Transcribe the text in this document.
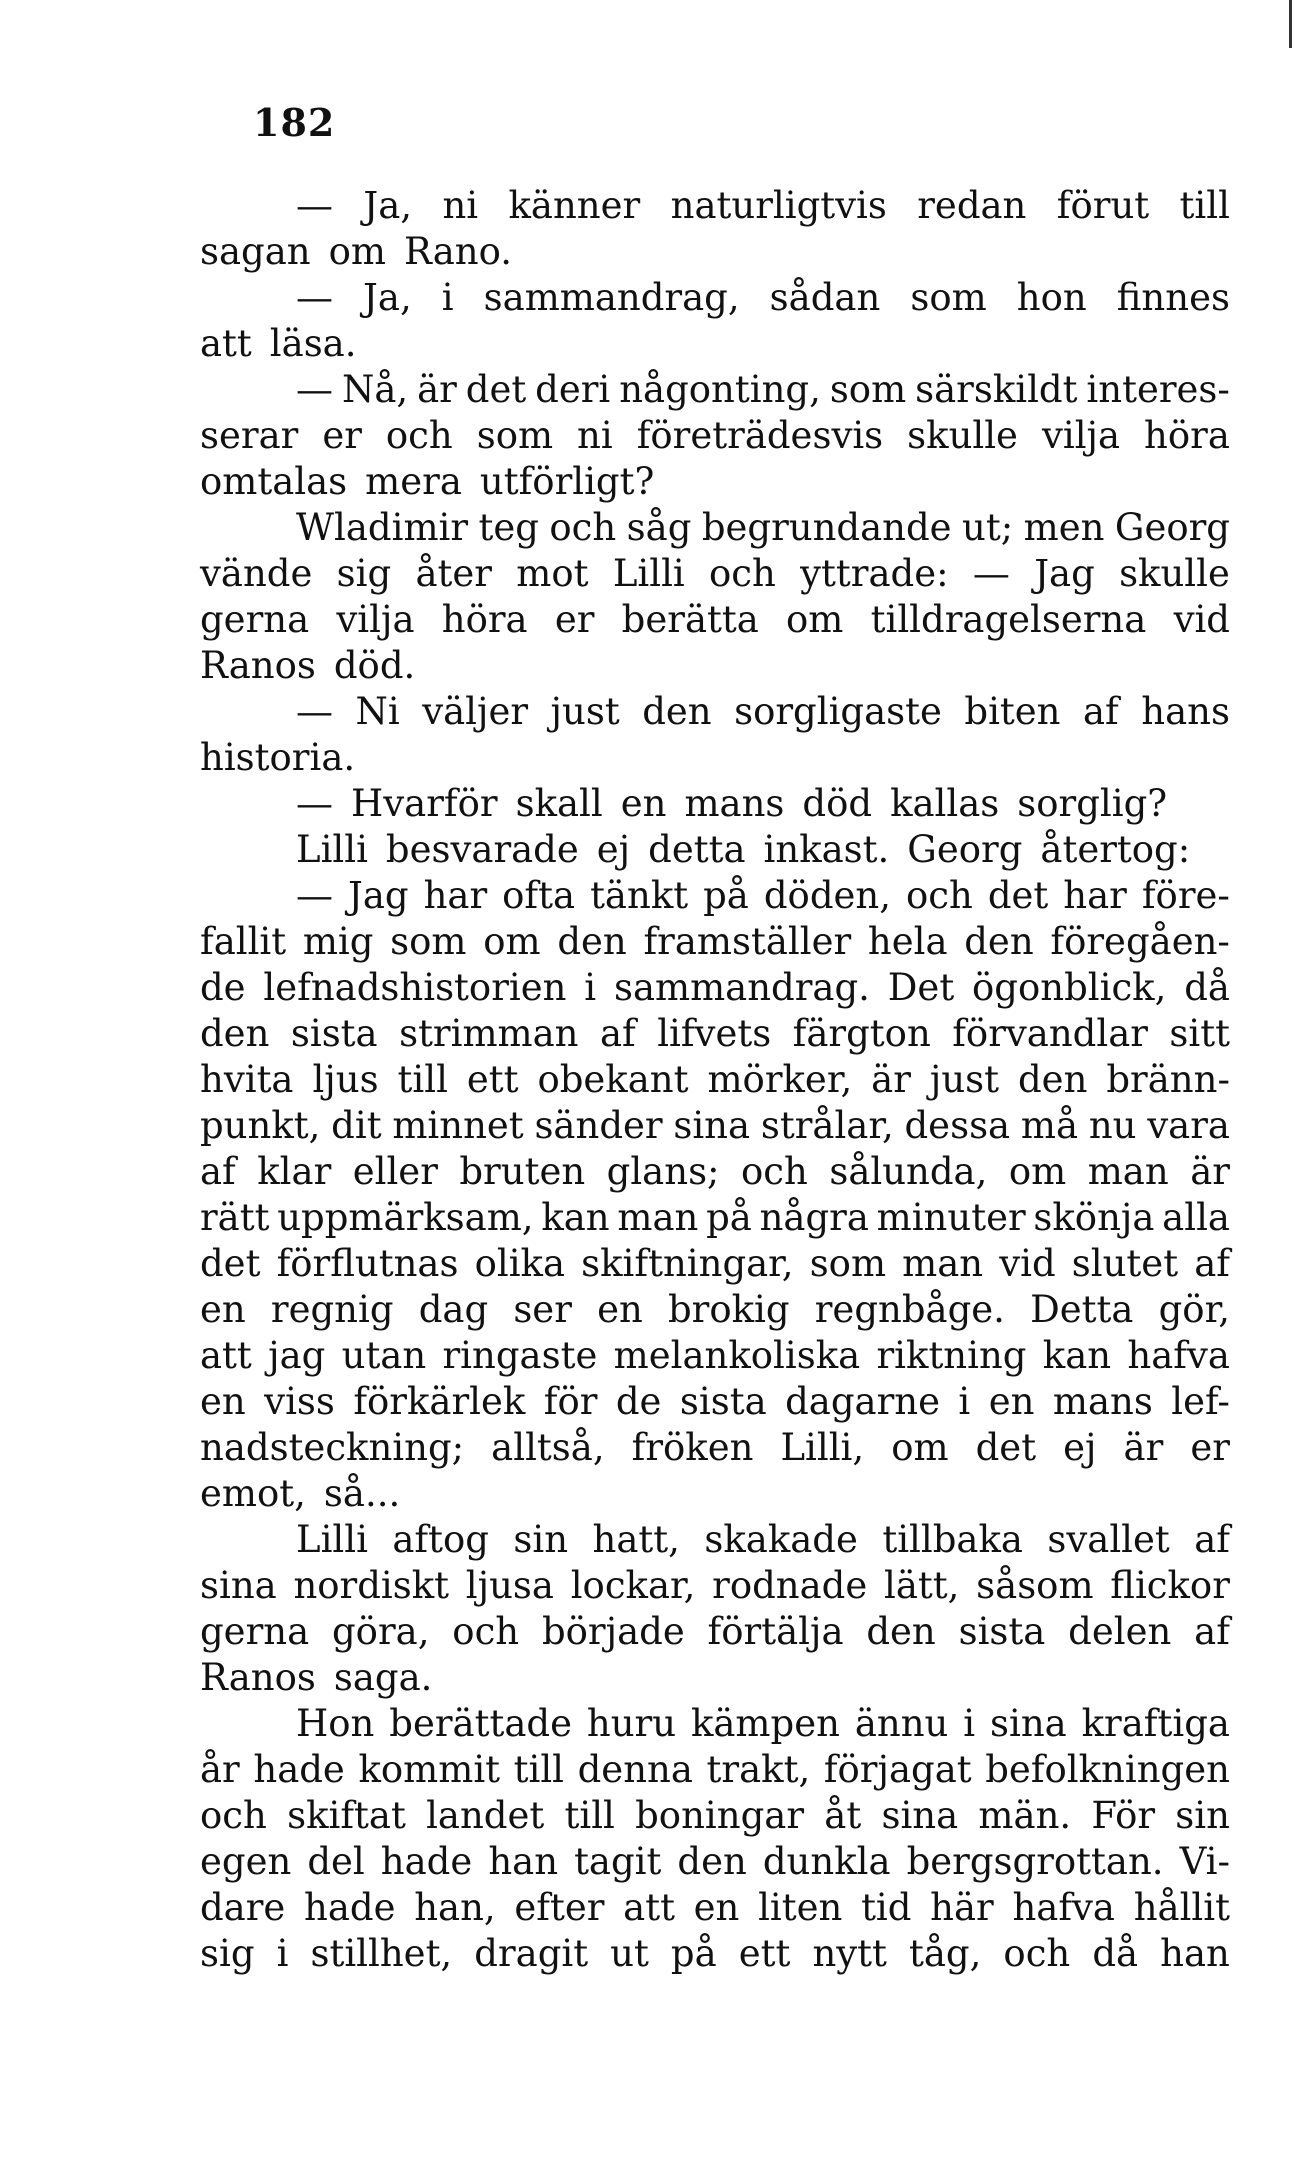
182
— Ja, ni känner naturligtvis redan förut till
sagan om Rano.
— Ja, i sammandrag, sådan som hon finnes
att läsa.
— Nå, är det deri någonting, som särskildt interes-
serar er och som ni företrädesvis skulle vilja höra
omtalas mera utförligt?
Wladimir teg och såg begrundande ut; men Georg
vände sig åter mot Lilli och yttrade: — Jag skulle
gerna vilja höra er berätta om tilldragelserna vid
Ranos död.
— Ni väljer just den sorgligaste biten af hans
historia.
— Hvarför skall en mans död kallas sorglig?
Lilli besvarade ej detta inkast. Georg återtog:
— Jag har ofta tänkt på döden, och det har före-
fallit mig som om den framställer hela den föregåen-
de lefnadshistorien i sammandrag. Det ögonblick, då
den sista strimman af lifvets färgton förvandlar sitt
hvita ljus till ett obekant mörker, är just den bränn-
punkt, dit minnet sänder sina strålar, dessa må nu vara
af klar eller bruten glans; och sålunda, om man är
rätt uppmärksam, kan man på några minuter skönja alla
det förflutnas olika skiftningar, som man vid slutet af
en regnig dag ser en brokig regnbåge. Detta gör,
att jag utan ringaste melankoliska riktning kan hafva
en viss förkärlek för de sista dagarne i en mans lef-
nadsteckning; alltså, fröken Lilli, om det ej är er
emot, så...
Lilli aftog sin hatt, skakade tillbaka svallet af
sina nordiskt ljusa lockar, rodnade lätt, såsom flickor
gerna göra, och började förtälja den sista delen af
Ranos saga.
Hon berättade huru kämpen ännu i sina kraftiga
år hade kommit till denna trakt, förjagat befolkningen
och skiftat landet till boningar åt sina män. För sin
egen del hade han tagit den dunkla bergsgrottan. Vi-
dare hade han, efter att en liten tid här hafva hållit
sig i stillhet, dragit ut på ett nytt tåg, och då han
